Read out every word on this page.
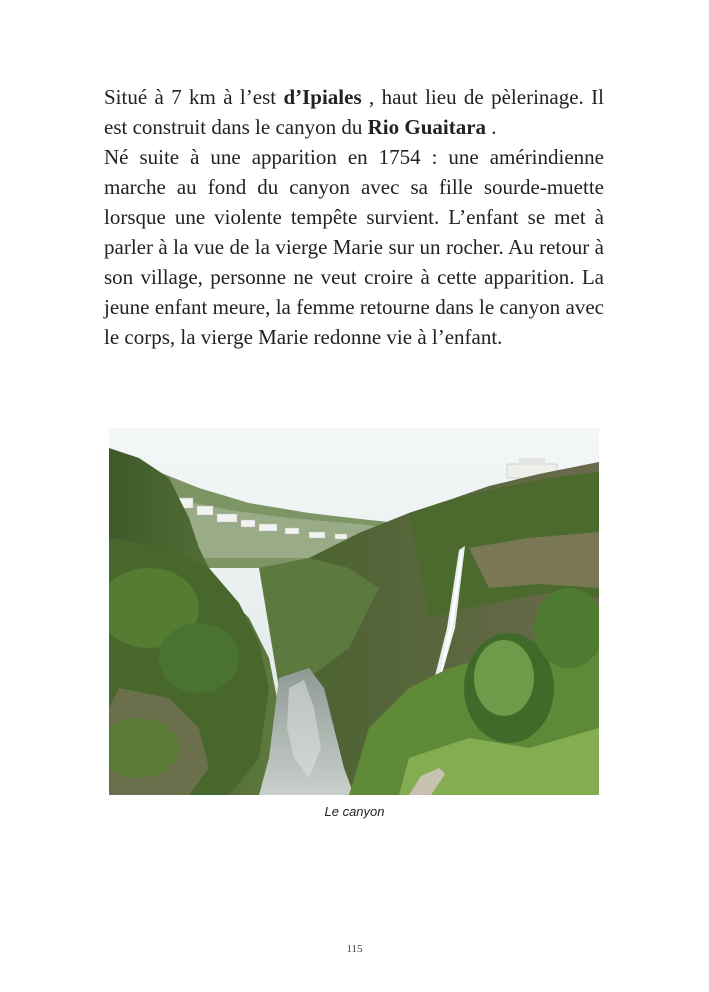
Situé à 7 km à l’est d’Ipiales , haut lieu de pèlerinage. Il est construit dans le canyon du Rio Guaitara .

Né suite à une apparition en 1754 : une amérindienne marche au fond du canyon avec sa fille sourde-muette lorsque une violente tempête survient. L’enfant se met à parler à la vue de la vierge Marie sur un rocher. Au retour à son village, personne ne veut croire à cette apparition. La jeune enfant meure, la femme retourne dans le canyon avec le corps, la vierge Marie redonne vie à l’enfant.

Le canyon
115
